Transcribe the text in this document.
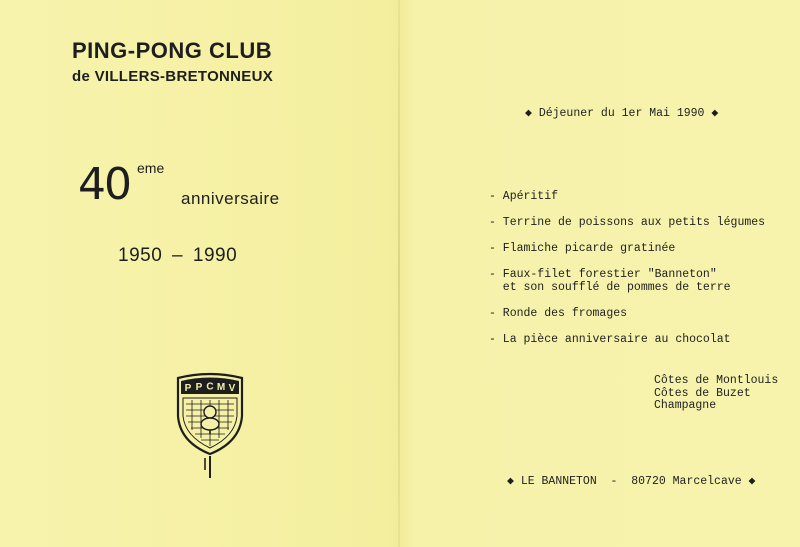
PING-PONG CLUB
de VILLERS-BRETONNEUX
40 eme
anniversaire
1950 – 1990
P P C M V
◆ Déjeuner du 1er Mai 1990 ◆
- Apéritif
- Terrine de poissons aux petits légumes
- Flamiche picarde gratinée
- Faux-filet forestier "Banneton"
et son soufflé de pommes de terre
- Ronde des fromages
- La pièce anniversaire au chocolat
Côtes de Montlouis
Côtes de Buzet
Champagne
◆ LE BANNETON  -  80720 Marcelcave ◆
